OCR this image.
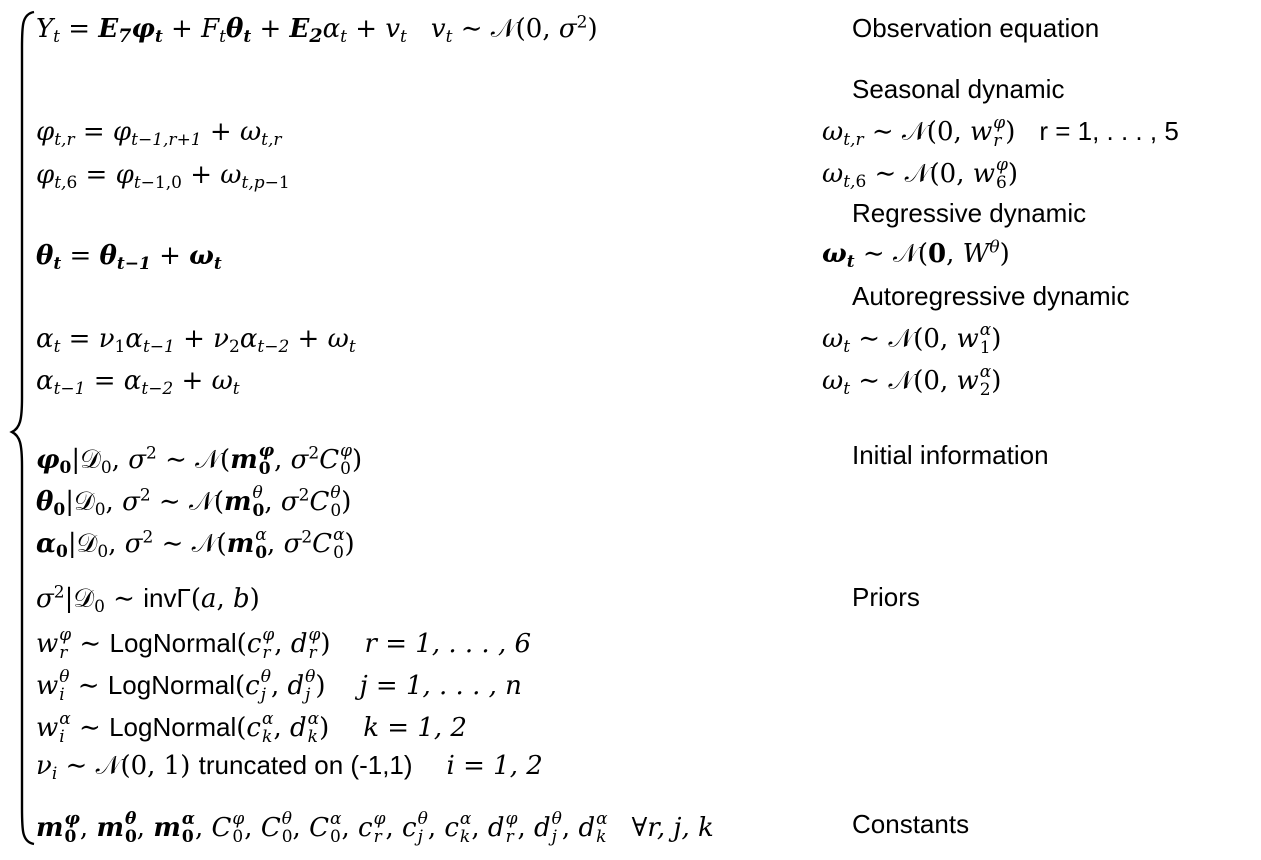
$Y_t = E7\varphi_t + F_t\theta_t + E2\alpha_t + v_t$ $v_t$ ∼ 𝒩(0, $\sigma^2$)	Observation equation
Seasonal dynamic
$\varphi_{t,r} = \varphi_{t-1,r+1} + \omega_{t,r}$	$\omega_{t,r}$ ∼ 𝒩(0, w φ
r ) r = 1, . . . , 5
$\varphi_{t,}6 = \varphi_{t-}1,0 + \omega_{t,p-}1$	$\omega_{t,}6$ ∼ 𝒩(0, w φ
6 )
Regressive dynamic
$\theta_t = \theta_{t-1} + \omega_t$	$\omega_t$ ∼ 𝒩(0, $W^\theta$)
Autoregressive dynamic
$\alpha_t = \nu_1\alpha_{t-1} + \nu_2\alpha_{t-2} + \omega_t$	$\omega_t$ ∼ 𝒩(0, w α
1 )
$\alpha_{t-1} = \alpha_{t-2} + \omega_t$	$\omega_t$ ∼ 𝒩(0, w α
2 )
Initial information
φ0|𝒟$_0$, $\sigma^2$ ∼ 𝒩(m φ
0 , $\sigma^2C$ φ
0 )
θ0|𝒟$_0$, $\sigma^2$ ∼ 𝒩(m θ
0 , $\sigma^2C$ θ
0 )
α0|𝒟$_0$, $\sigma^2$ ∼ 𝒩(m α
0 , $\sigma^2C$ α
0 )
Priors
$\sigma^2|𝒟_0$ ∼ invΓ(a, b)
w φ
r ∼ LogNormal(c φ
r , d φ
r ) r = 1, . . . , 6
w θ
i ∼ LogNormal(c θ
j , d θ
j ) j = 1, . . . , n
w α
i ∼ LogNormal(c α
k , d α
k ) k = 1, 2
$\nu_i$ ∼ 𝒩(0, 1) truncated on (-1,1) i = 1, 2
Constants
m φ
0 , m θ
0 , m α
0 , C φ
0 , C θ
0 , C α
0 , c φ
r , c θ
j , c α
k , d φ
r , d θ
j , d α
k ∀r, j, k
